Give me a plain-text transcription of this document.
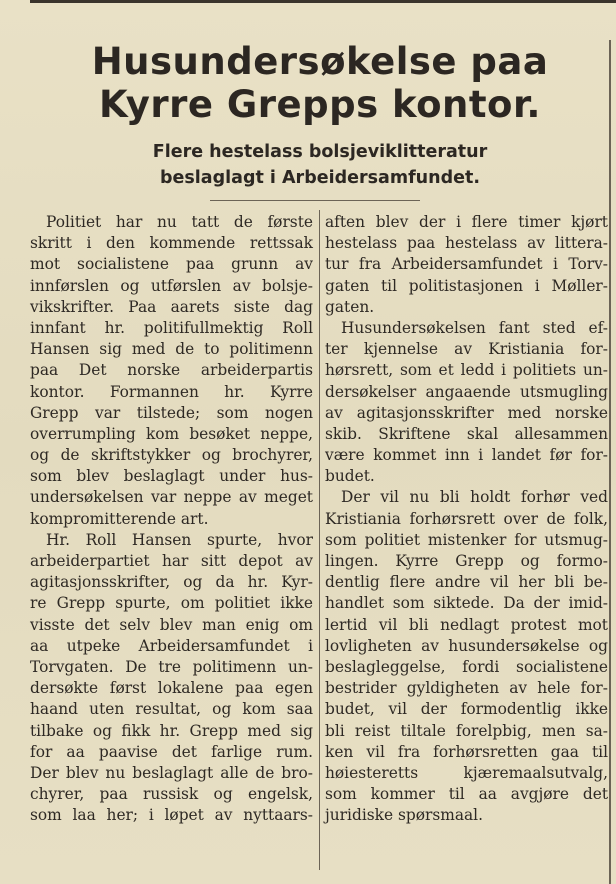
Husundersøkelse paa
Kyrre Grepps kontor.
Flere hestelass bolsjeviklitteratur
beslaglagt i Arbeidersamfundet.
Politiet har nu tatt de første
skritt i den kommende rettssak
mot socialistene paa grunn av
innførslen og utførslen av bolsje-
vikskrifter. Paa aarets siste dag
innfant hr. politifullmektig Roll
Hansen sig med de to politimenn
paa Det norske arbeiderpartis
kontor. Formannen hr. Kyrre
Grepp var tilstede; som nogen
overrumpling kom besøket neppe,
og de skriftstykker og brochyrer,
som blev beslaglagt under hus-
undersøkelsen var neppe av meget
kompromitterende art.
Hr. Roll Hansen spurte, hvor
arbeiderpartiet har sitt depot av
agitasjonsskrifter, og da hr. Kyr-
re Grepp spurte, om politiet ikke
visste det selv blev man enig om
aa utpeke Arbeidersamfundet i
Torvgaten. De tre politimenn un-
dersøkte først lokalene paa egen
haand uten resultat, og kom saa
tilbake og fikk hr. Grepp med sig
for aa paavise det farlige rum.
Der blev nu beslaglagt alle de bro-
chyrer, paa russisk og engelsk,
som laa her; i løpet av nyttaars-
aften blev der i flere timer kjørt
hestelass paa hestelass av littera-
tur fra Arbeidersamfundet i Torv-
gaten til politistasjonen i Møller-
gaten.
Husundersøkelsen fant sted ef-
ter kjennelse av Kristiania for-
hørsrett, som et ledd i politiets un-
dersøkelser angaaende utsmugling
av agitasjonsskrifter med norske
skib. Skriftene skal allesammen
være kommet inn i landet før for-
budet.
Der vil nu bli holdt forhør ved
Kristiania forhørsrett over de folk,
som politiet mistenker for utsmug-
lingen. Kyrre Grepp og formo-
dentlig flere andre vil her bli be-
handlet som siktede. Da der imid-
lertid vil bli nedlagt protest mot
lovligheten av husundersøkelse og
beslagleggelse, fordi socialistene
bestrider gyldigheten av hele for-
budet, vil der formodentlig ikke
bli reist tiltale forelpbig, men sa-
ken vil fra forhørsretten gaa til
høiesteretts kjæremaalsutvalg,
som kommer til aa avgjøre det
juridiske spørsmaal.
